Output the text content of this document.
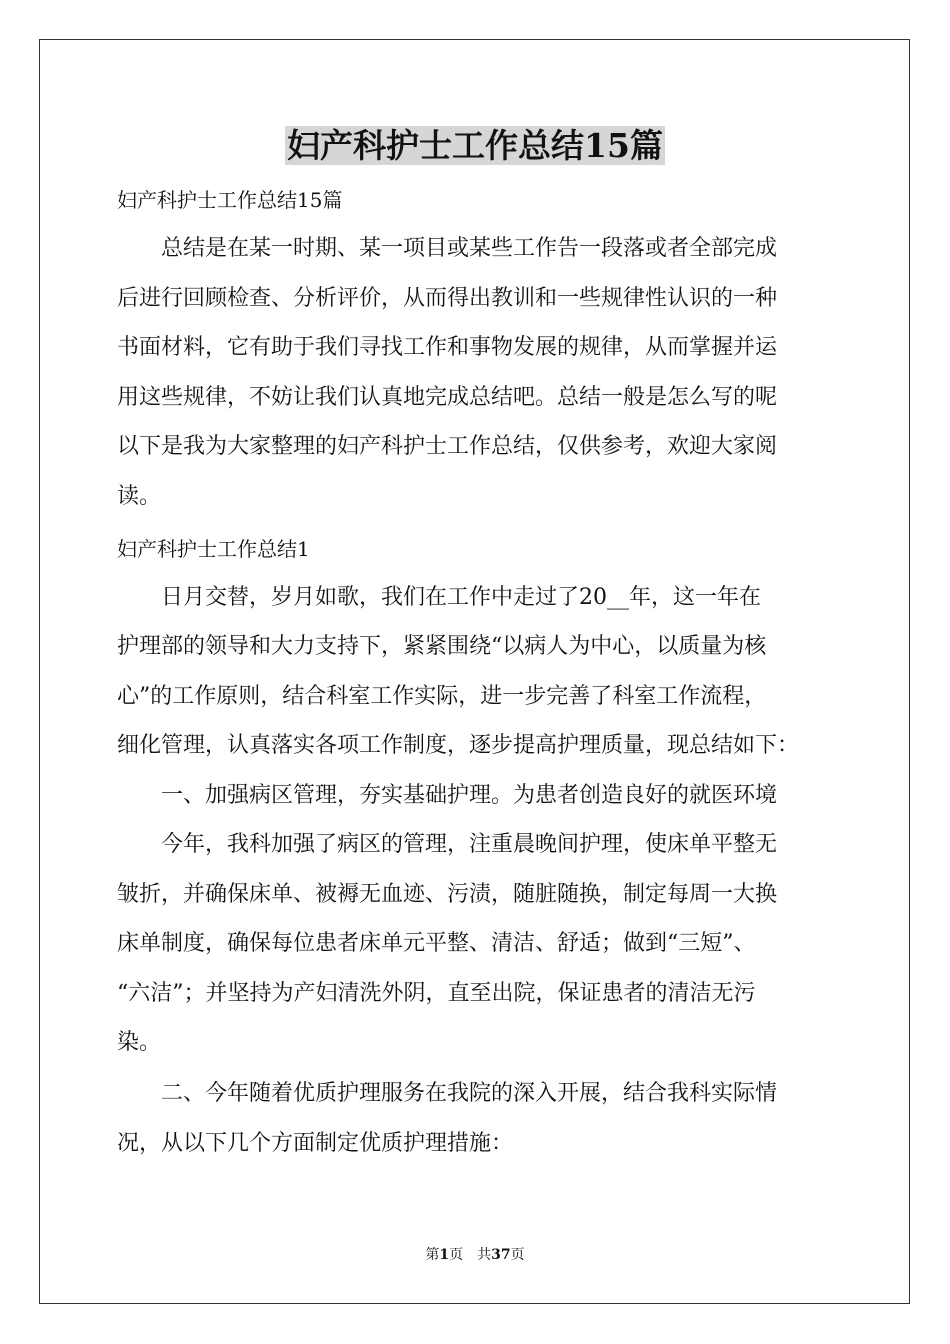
妇产科护士工作总结15篇
妇产科护士工作总结15篇
　　总结是在某一时期、某一项目或某些工作告一段落或者全部完成
后进行回顾检查、分析评价，从而得出教训和一些规律性认识的一种
书面材料，它有助于我们寻找工作和事物发展的规律，从而掌握并运
用这些规律，不妨让我们认真地完成总结吧。总结一般是怎么写的呢
以下是我为大家整理的妇产科护士工作总结，仅供参考，欢迎大家阅
读。
妇产科护士工作总结1
　　日月交替，岁月如歌，我们在工作中走过了20__年，这一年在
护理部的领导和大力支持下，紧紧围绕“以病人为中心，以质量为核
心”的工作原则，结合科室工作实际，进一步完善了科室工作流程，
细化管理，认真落实各项工作制度，逐步提高护理质量，现总结如下：
　　一、加强病区管理，夯实基础护理。为患者创造良好的就医环境
　　今年，我科加强了病区的管理，注重晨晚间护理，使床单平整无
皱折，并确保床单、被褥无血迹、污渍，随脏随换，制定每周一大换
床单制度，确保每位患者床单元平整、清洁、舒适；做到“三短”、
“六洁”；并坚持为产妇清洗外阴，直至出院，保证患者的清洁无污
染。
　　二、今年随着优质护理服务在我院的深入开展，结合我科实际情
况，从以下几个方面制定优质护理措施：
第1页　共37页
